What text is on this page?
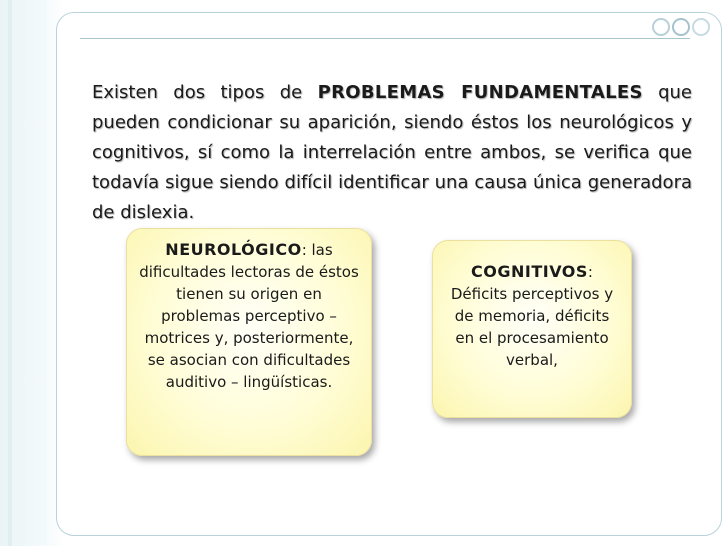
Existen dos tipos de PROBLEMAS FUNDAMENTALES que pueden condicionar su aparición, siendo éstos los neurológicos y cognitivos, sí como la interrelación entre ambos, se verifica que todavía sigue siendo difícil identificar una causa única generadora de dislexia.

NEUROLÓGICO: las
dificultades lectoras de éstos tienen su origen en problemas perceptivo – motrices y, posteriormente, se asocian con dificultades auditivo – lingüísticas.
COGNITIVOS:
Déficits perceptivos y de memoria, déficits en el procesamiento verbal,
